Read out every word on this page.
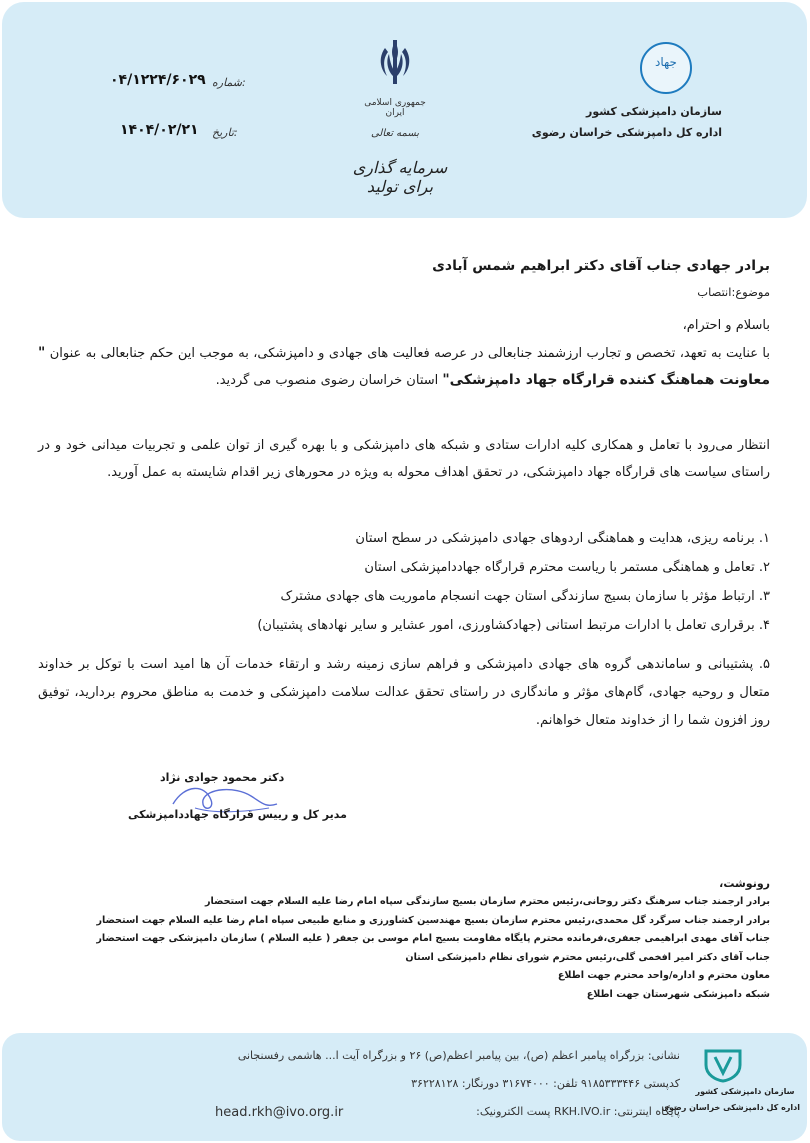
جهاد
سازمان دامپزشکی کشور
اداره کل دامپزشکی خراسان رضوی
جمهوری اسلامی ایران
بسمه تعالی
سرمایه گذاری برای تولید
شماره:
۰۴/۱۲۲۴/۶۰۲۹
تاریخ:
۱۴۰۴/۰۲/۲۱
برادر جهادی جناب آقای دکتر ابراهیم شمس آبادی
موضوع:انتصاب
باسلام و احترام،

با عنایت به تعهد، تخصص و تجارب ارزشمند جنابعالی در عرصه فعالیت های جهادی و دامپزشکی، به موجب این حکم جنابعالی به عنوان " معاونت هماهنگ کننده قرارگاه جهاد دامپزشکی" استان خراسان رضوی منصوب می گردید.

انتظار می‌رود با تعامل و همکاری کلیه ادارات ستادی و شبکه های دامپزشکی و با بهره گیری از توان علمی و تجربیات میدانی خود و در راستای سیاست های قرارگاه جهاد دامپزشکی، در تحقق اهداف محوله به ویژه در محورهای زیر اقدام شایسته به عمل آورید.

۱. برنامه ریزی، هدایت و هماهنگی اردوهای جهادی دامپزشکی در سطح استان
۲. تعامل و هماهنگی مستمر با ریاست محترم قرارگاه جهاددامپزشکی استان
۳. ارتباط مؤثر با سازمان بسیج سازندگی استان جهت انسجام ماموریت های جهادی مشترک
۴. برقراری تعامل با ادارات مرتبط استانی (جهادکشاورزی، امور عشایر و سایر نهادهای پشتیبان)

۵. پشتیبانی و ساماندهی گروه های جهادی دامپزشکی و فراهم سازی زمینه رشد و ارتقاء خدمات آن ها امید است با توکل بر خداوند متعال و روحیه جهادی، گام‌های مؤثر و ماندگاری در راستای تحقق عدالت سلامت دامپزشکی و خدمت به مناطق محروم بردارید، توفیق روز افزون شما را از خداوند متعال خواهانم.

دکتر محمود جوادی نژاد
مدیر کل و رییس قرارگاه جهاددامپزشکی
رونوشت،
برادر ارجمند جناب سرهنگ دکتر روحانی،رئیس محترم سازمان بسیج سازندگی سپاه امام رضا علیه السلام جهت استحضار
برادر ارجمند جناب سرگرد گل محمدی،رئیس محترم سازمان بسیج مهندسین کشاورزی و منابع طبیعی سپاه امام رضا علیه السلام جهت استحضار
جناب آقای مهدی ابراهیمی جعفری،فرمانده محترم پایگاه مقاومت بسیج امام موسی بن جعفر ( علیه السلام ) سازمان دامپزشکی جهت استحضار
جناب آقای دکتر امیر افخمی گلی،رئیس محترم شورای نظام دامپزشکی استان
معاون محترم و اداره/واحد محترم جهت اطلاع
شبکه دامپزشکی شهرستان جهت اطلاع
سازمان دامپزشکی کشور
اداره کل دامپزشکی خراسان رضوی
نشانی: بزرگراه پیامبر اعظم (ص)، بین پیامبر اعظم(ص) ۲۶ و بزرگراه آیت ا... هاشمی رفسنجانی
کدپستی ۹۱۸۵۳۳۳۴۴۶ تلفن: ۳۱۶۷۴۰۰۰ دورنگار: ۳۶۲۲۸۱۲۸
پایگاه اینترنتی: RKH.IVO.ir پست الکترونیک:
head.rkh@ivo.org.ir
